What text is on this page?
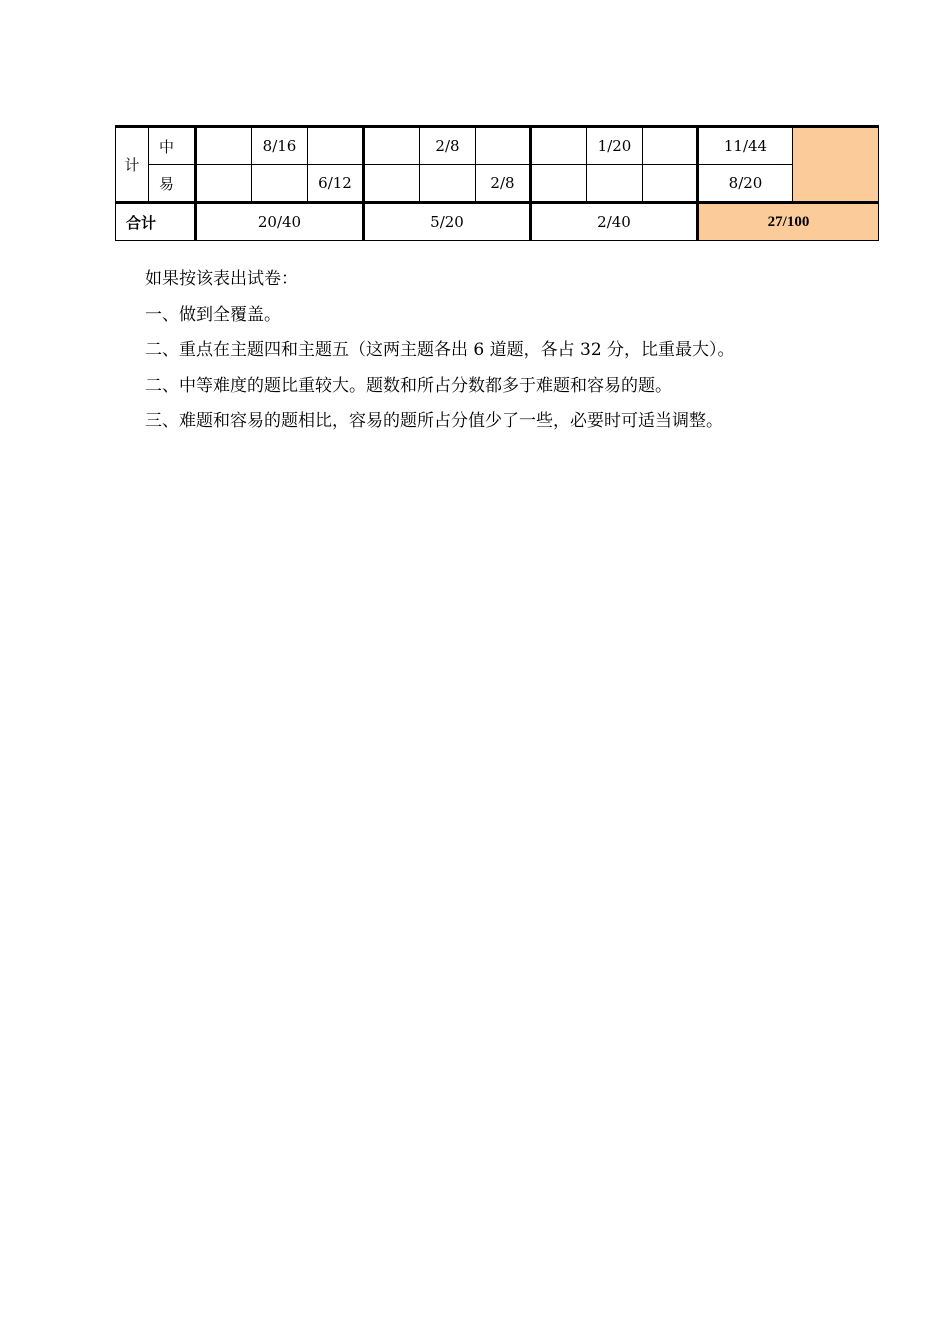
计	中		8/16			2/8			1/20		11/44	
	易			6/12			2/8				8/20	
合计		20/40			5/20			2/40			27/100	

如果按该表出试卷：

一、做到全覆盖。

二、重点在主题四和主题五（这两主题各出 6 道题，各占 32 分，比重最大）。

二、中等难度的题比重较大。题数和所占分数都多于难题和容易的题。

三、难题和容易的题相比，容易的题所占分值少了一些，必要时可适当调整。
